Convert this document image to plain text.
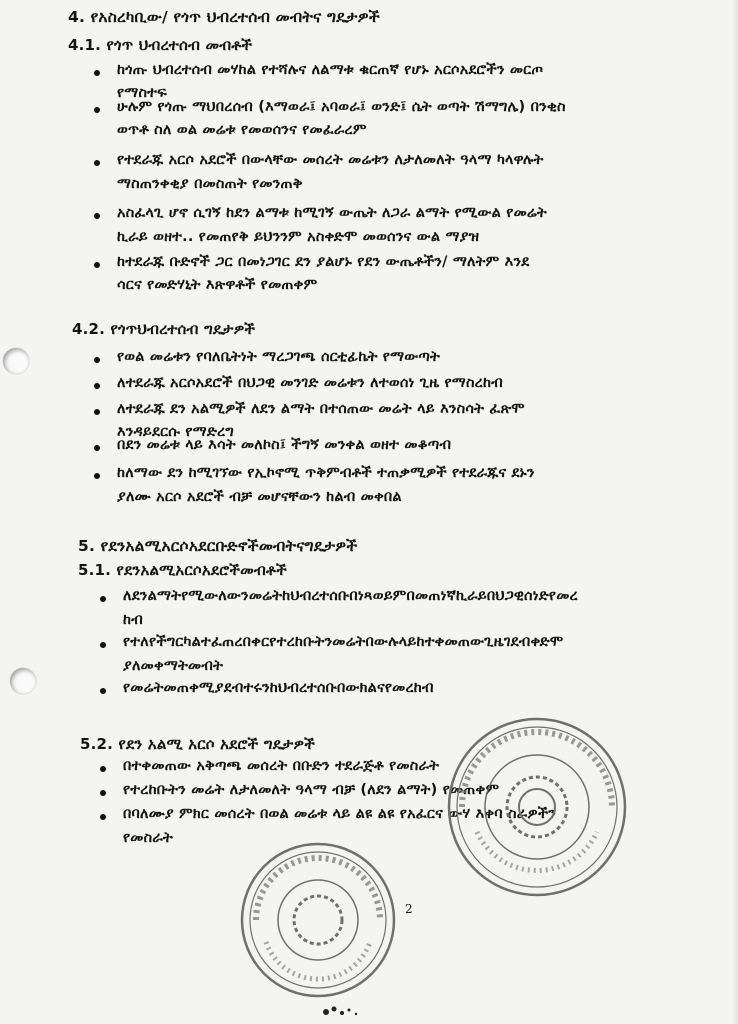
4. የአስረካቢው/ የጎጥ ህብረተሰብ መብትና ግዴታዎች
4.1. የጎጥ ህብረተሰብ መብቶች
ከጎጡ ህብረተሰብ መሃከል የተሻሉና ለልማቱ ቁርጠኛ የሆኑ አርሶአደሮችን መርጦ
የማስተፍ
ሁሉም የጎጡ ማህበረሰብ (እማወራ፤ አባወራ፤ ወንድ፤ ሴት ወጣት ሽማግሌ) በንቂስ
ወጥቶ ስለ ወል መሬቱ የመወሰንና የመፈራረም
የተደራጁ አርሶ አደሮች በውላቸው መሰረት መሬቱን ለታለመለት ዓላማ ካላዋሉት
ማስጠንቀቂያ በመስጠት የመንጠቅ
አስፈላጊ ሆኖ ሲገኝ ከደን ልማቱ ከሚገኝ ውጤት ለጋራ ልማት የሚውል የመሬት
ኪራይ ወዘተ.. የመጠየቅ ይህንንም አስቀድሞ መወሰንና ውል ማያዝ
ከተደራጁ ቡድኖች ጋር በመነጋገር ደን ያልሆኑ የደን ውጤቶችን/ ማለትም እንደ
ሳርና የመድሃኒት እጽዋቶች የመጠቀም
4.2. የጎጥህብረተሰብ ግዴታዎች
የወል መሬቱን የባለቤትነት ማረጋገጫ ሰርቲፊኬት የማውጣት
ለተደራጁ አርሶአደሮች በህጋዊ መንገድ መሬቱን ለተወሰነ ጊዜ የማስረከብ
ለተደራጁ ደን አልሚዎች ለደን ልማት በተሰጠው መሬት ላይ እንስሳት ፈጽሞ
እንዳይደርሱ የማድረግ
በደን መሬቱ ላይ እሳት መለኮስ፤ ችግኝ መንቀል ወዘተ መቆጣብ
ከለማው ደን ከሚገኘው የኢኮኖሚ ጥቅምብቶች ተጠቃሚዎች የተደራጁና ደኑን
ያለሙ አርሶ አደሮች ብቻ መሆናቸውን ከልብ መቀበል
5. የደንአልሚአርሶአደርቡድኖችመብትናግዴታዎች
5.1. የደንአልሚአርሶአደሮችመብቶች
ለደንልማትየሚውለውንመሬትከህብረተሰቡበነጻወይምበመጠነኛኪራይበህጋዊሰነድየመረ
ከብ
የተለየችግርካልተፈጠረበቀርየተረከቡትንመሬትበውሉላይከተቀመጠውጊዜገደብቀድሞ
ያለመቀማትመብት
የመሬትመጠቀሚያደብተሩንከህብረተሰቡበውክልናየመረከብ
5.2. የደን አልሚ አርሶ አደሮች ግዴታዎች
በተቀመጠው አቅጣጫ መሰረት በቡድን ተደራጅቶ የመስራት
የተረከቡትን መሬት ለታለመለት ዓላማ ብቻ (ለደን ልማት) የመጠቀም
በባለሙያ ምክር መሰረት በወል መሬቱ ላይ ልዩ ልዩ የአፈርና ውሃ እቀባ ስራዎችን
የመስራት
2
